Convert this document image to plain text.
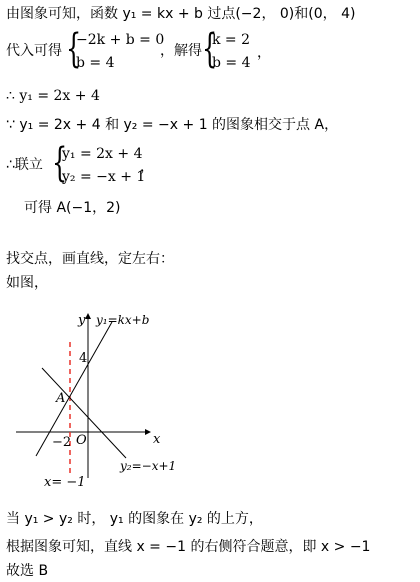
由图象可知，函数 y₁ = kx + b 过点(−2， 0)和(0， 4)
代入可得 {
−2k + b = 0
b = 4
，解得 {
k = 2
b = 4
，
∴ y₁ = 2x + 4
∵ y₁ = 2x + 4 和 y₂ = −x + 1 的图象相交于点 A，
∴联立 {
y₁ = 2x + 4
y₂ = −x + 1
，
可得 A(−1，2)
找交点，画直线，定左右：
如图，
y
x
O
4
−2
A
y₁=kx+b
y₂=−x+1
x= −1
当 y₁ > y₂ 时， y₁ 的图象在 y₂ 的上方，
根据图象可知，直线 x = −1 的右侧符合题意，即 x > −1
故选 B
